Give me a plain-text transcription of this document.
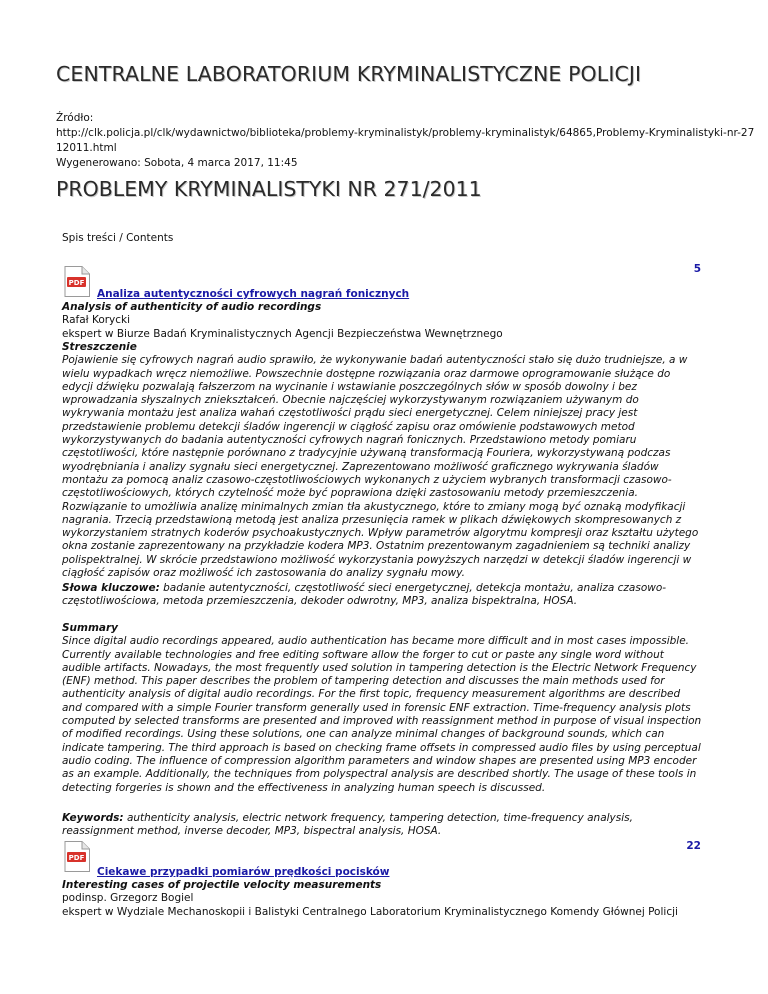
CENTRALNE LABORATORIUM KRYMINALISTYCZNE POLICJI
Źródło:
http://clk.policja.pl/clk/wydawnictwo/biblioteka/problemy-kryminalistyk/problemy-kryminalistyk/64865,Problemy-Kryminalistyki-nr-2712011.html
Wygenerowano: Sobota, 4 marca 2017, 11:45
PROBLEMY KRYMINALISTYKI NR 271/2011
Spis treści / Contents
5
PDF
Analiza autentyczności cyfrowych nagrań fonicznych
Analysis of authenticity of audio recordings
Rafał Korycki
ekspert w Biurze Badań Kryminalistycznych Agencji Bezpieczeństwa Wewnętrznego
Streszczenie

Pojawienie się cyfrowych nagrań audio sprawiło, że wykonywanie badań autentyczności stało się dużo trudniejsze, a w wielu wypadkach wręcz niemożliwe. Powszechnie dostępne rozwiązania oraz darmowe oprogramowanie służące do edycji dźwięku pozwalają fałszerzom na wycinanie i wstawianie poszczególnych słów w sposób dowolny i bez wprowadzania słyszalnych zniekształceń. Obecnie najczęściej wykorzystywanym rozwiązaniem używanym do wykrywania montażu jest analiza wahań częstotliwości prądu sieci energetycznej. Celem niniejszej pracy jest przedstawienie problemu detekcji śladów ingerencji w ciągłość zapisu oraz omówienie podstawowych metod wykorzystywanych do badania autentyczności cyfrowych nagrań fonicznych. Przedstawiono metody pomiaru częstotliwości, które następnie porównano z tradycyjnie używaną transformacją Fouriera, wykorzystywaną podczas wyodrębniania i analizy sygnału sieci energetycznej. Zaprezentowano możliwość graficznego wykrywania śladów montażu za pomocą analiz czasowo-częstotliwościowych wykonanych z użyciem wybranych transformacji czasowo-częstotliwościowych, których czytelność może być poprawiona dzięki zastosowaniu metody przemieszczenia. Rozwiązanie to umożliwia analizę minimalnych zmian tła akustycznego, które to zmiany mogą być oznaką modyfikacji nagrania. Trzecią przedstawioną metodą jest analiza przesunięcia ramek w plikach dźwiękowych skompresowanych z wykorzystaniem stratnych koderów psychoakustycznych. Wpływ parametrów algorytmu kompresji oraz kształtu użytego okna zostanie zaprezentowany na przykładzie kodera MP3. Ostatnim prezentowanym zagadnieniem są techniki analizy polispektralnej. W skrócie przedstawiono możliwość wykorzystania powyższych narzędzi w detekcji śladów ingerencji w ciągłość zapisów oraz możliwość ich zastosowania do analizy sygnału mowy.

Słowa kluczowe: badanie autentyczności, częstotliwość sieci energetycznej, detekcja montażu, analiza czasowo-częstotliwościowa, metoda przemieszczenia, dekoder odwrotny, MP3, analiza bispektralna, HOSA.

Summary

Since digital audio recordings appeared, audio authentication has became more difficult and in most cases impossible. Currently available technologies and free editing software allow the forger to cut or paste any single word without audible artifacts. Nowadays, the most frequently used solution in tampering detection is the Electric Network Frequency (ENF) method. This paper describes the problem of tampering detection and discusses the main methods used for authenticity analysis of digital audio recordings. For the first topic, frequency measurement algorithms are described and compared with a simple Fourier transform generally used in forensic ENF extraction. Time-frequency analysis plots computed by selected transforms are presented and improved with reassignment method in purpose of visual inspection of modified recordings. Using these solutions, one can analyze minimal changes of background sounds, which can indicate tampering. The third approach is based on checking frame offsets in compressed audio files by using perceptual audio coding. The influence of compression algorithm parameters and window shapes are presented using MP3 encoder as an example. Additionally, the techniques from polyspectral analysis are described shortly. The usage of these tools in detecting forgeries is shown and the effectiveness in analyzing human speech is discussed.

Keywords: authenticity analysis, electric network frequency, tampering detection, time-frequency analysis, reassignment method, inverse decoder, MP3, bispectral analysis, HOSA.

22
PDF
Ciekawe przypadki pomiarów prędkości pocisków
Interesting cases of projectile velocity measurements
podinsp. Grzegorz Bogiel
ekspert w Wydziale Mechanoskopii i Balistyki Centralnego Laboratorium Kryminalistycznego Komendy Głównej Policji
